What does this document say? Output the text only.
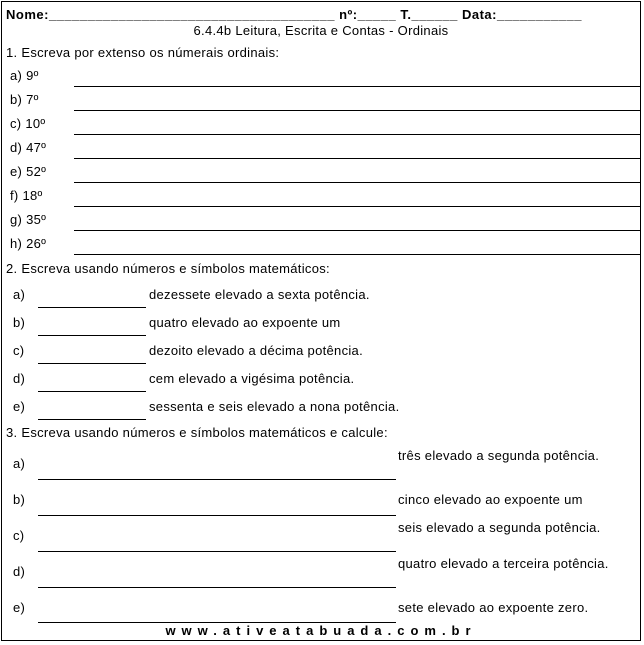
Nome:_____________________________________ nº:_____ T.______ Data:___________
6.4.4b Leitura, Escrita e Contas - Ordinais
1. Escreva por extenso os númerais ordinais:
a) 9º
b) 7º
c) 10º
d) 47º
e) 52º
f) 18º
g) 35º
h) 26º
2. Escreva usando números e símbolos matemáticos:
a)	dezessete elevado a sexta potência.
b)	quatro elevado ao expoente um
c)	dezoito elevado a décima potência.
d)	cem elevado a vigésima potência.
e)	sessenta e seis elevado a nona potência.
3. Escreva usando números e símbolos matemáticos e calcule:
a)
três elevado a segunda potência.
b)	cinco elevado ao expoente um
c)
seis elevado a segunda potência.
d)
quatro elevado a terceira potência.
e)	sete elevado ao expoente zero.
www.ativeatabuada.com.br
